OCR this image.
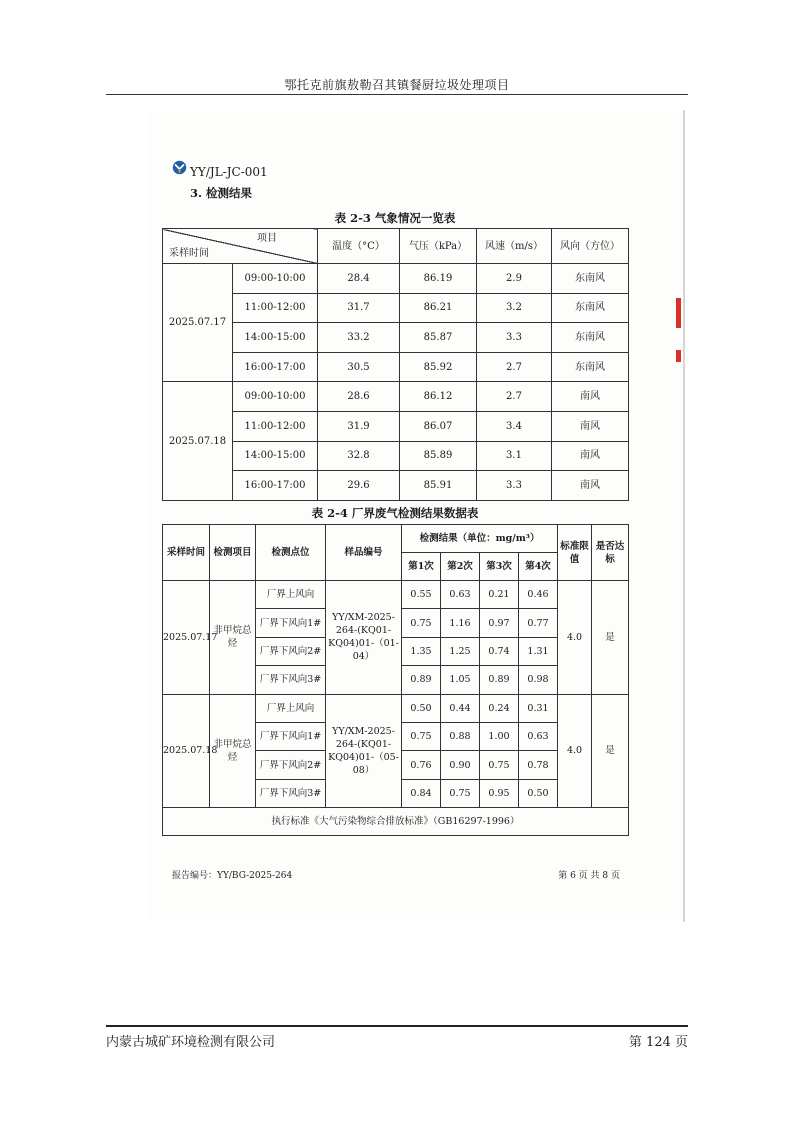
鄂托克前旗敖勒召其镇餐厨垃圾处理项目
YY/JL-JC-001
3. 检测结果
表 2-3 气象情况一览表
项目
采样时间		温度（°C）	气压（kPa）	风速（m/s）	风向（方位）
2025.07.17	09:00-10:00	28.4	86.19	2.9	东南风
	11:00-12:00	31.7	86.21	3.2	东南风
	14:00-15:00	33.2	85.87	3.3	东南风
	16:00-17:00	30.5	85.92	2.7	东南风
2025.07.18	09:00-10:00	28.6	86.12	2.7	南风
	11:00-12:00	31.9	86.07	3.4	南风
	14:00-15:00	32.8	85.89	3.1	南风
	16:00-17:00	29.6	85.91	3.3	南风
表 2-4 厂界废气检测结果数据表
采样时间	检测项目	检测点位	样品编号	检测结果（单位：mg/m³）				标准限值	是否达标
				第1次	第2次	第3次	第4次		
2025.07.17	非甲烷总烃	厂界上风向	YY/XM-2025-264-(KQ01-KQ04)01-（01-04）	0.55	0.63	0.21	0.46	4.0	是
		厂界下风向1#		0.75	1.16	0.97	0.77		
		厂界下风向2#		1.35	1.25	0.74	1.31		
		厂界下风向3#		0.89	1.05	0.89	0.98		
2025.07.18	非甲烷总烃	厂界上风向	YY/XM-2025-264-(KQ01-KQ04)01-（05-08）	0.50	0.44	0.24	0.31	4.0	是
		厂界下风向1#		0.75	0.88	1.00	0.63		
		厂界下风向2#		0.76	0.90	0.75	0.78		
		厂界下风向3#		0.84	0.75	0.95	0.50		
执行标准《大气污染物综合排放标准》（GB16297-1996）									
报告编号：YY/BG-2025-264	第 6 页 共 8 页
内蒙古城矿环境检测有限公司	第 124 页
